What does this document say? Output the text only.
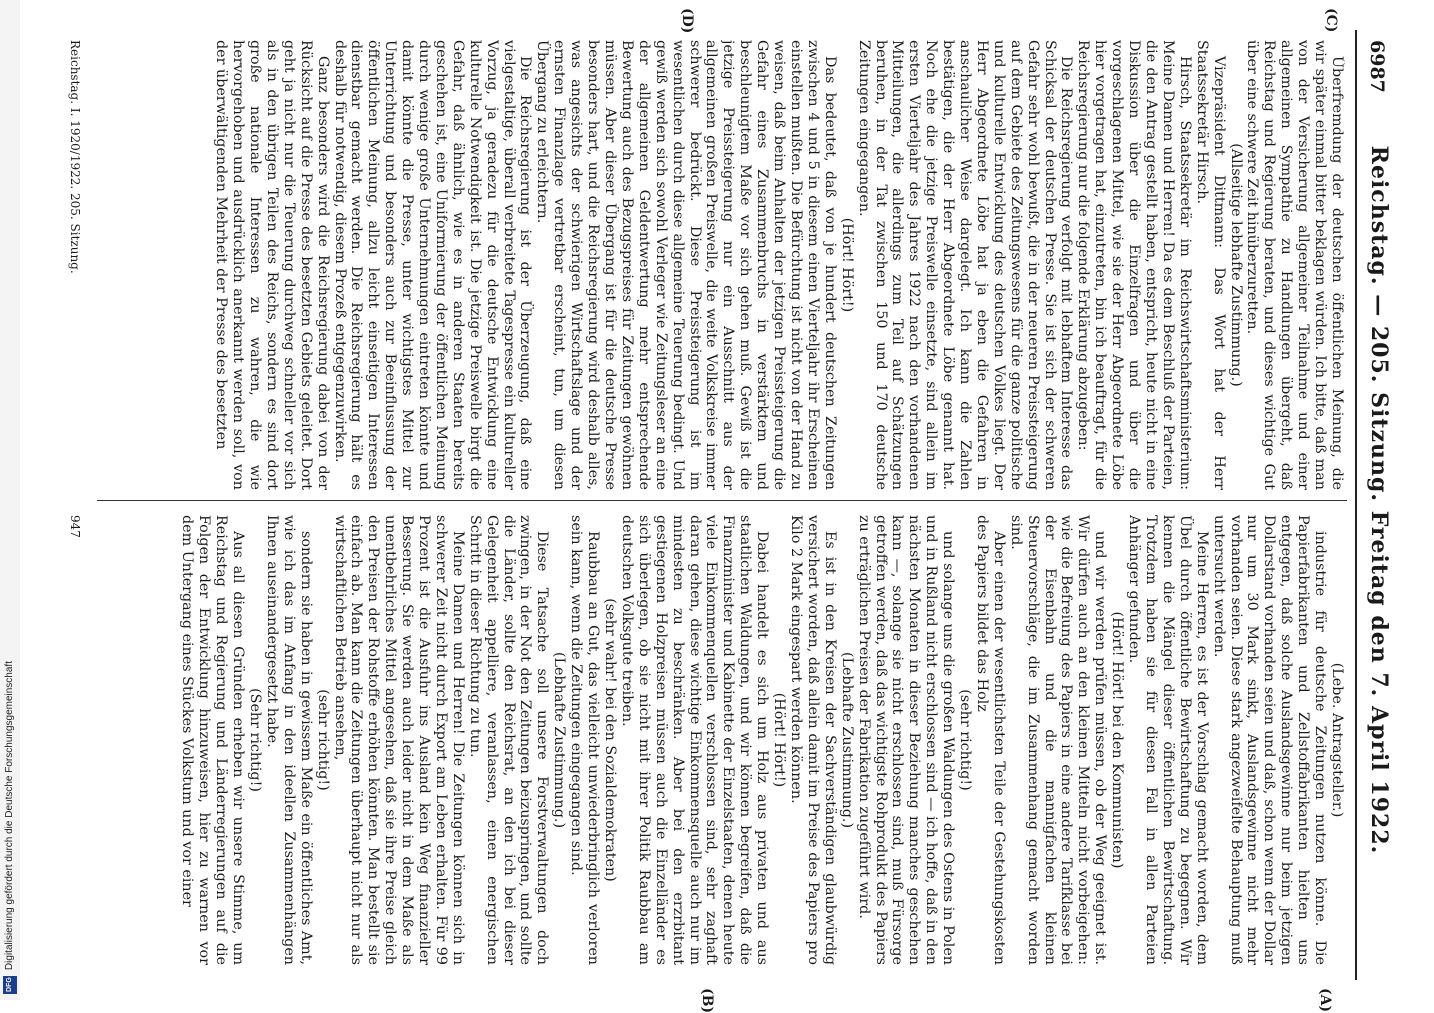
Digitalisierung gefördert durch die Deutsche Forschungsgemeinschaft
DFG
6987
Reichstag. — 205. Sitzung. Freitag den 7. April 1922.
(C)
(D)
(A)
(B)

Überfremdung der deutschen öffentlichen Meinung, die wir später einmal bitter beklagen würden. Ich bitte, daß man von der Versicherung allgemeiner Teilnahme und einer allgemeinen Sympathie zu Handlungen übergeht, daß Reichstag und Regierung beraten, und dieses wichtige Gut über eine schwere Zeit hinüberzuretten.

(Allseitige lebhafte Zustimmung.)

Vizepräsident Dittmann: Das Wort hat der Herr Staatssekretär Hirsch.

Hirsch, Staatssekretär im Reichswirtschaftsministerium: Meine Damen und Herren! Da es dem Beschluß der Parteien, die den Antrag gestellt haben, entspricht, heute nicht in eine Diskussion über die Einzelfragen und über die vorgeschlagenen Mittel, wie sie der Herr Abgeordnete Löbe hier vorgetragen hat, einzutreten, bin ich beauftragt, für die Reichsregierung nur die folgende Erklärung abzugeben:

Die Reichsregierung verfolgt mit lebhaftem Interesse das Schicksal der deutschen Presse. Sie ist sich der schweren Gefahr sehr wohl bewußt, die in der neueren Preissteigerung auf dem Gebiete des Zeitungswesens für die ganze politische und kulturelle Entwicklung des deutschen Volkes liegt. Der Herr Abgeordnete Löbe hat ja eben die Gefahren in anschaulicher Weise dargelegt. Ich kann die Zahlen bestätigen, die der Herr Abgeordnete Löbe genannt hat. Noch ehe die jetzige Preiswelle einsetzte, sind allein im ersten Vierteljahr des Jahres 1922 nach den vorhandenen Mitteilungen, die allerdings zum Teil auf Schätzungen beruhen, in der Tat zwischen 150 und 170 deutsche Zeitungen eingegangen.

(Hört! Hört!)

Das bedeutet, daß von je hundert deutschen Zeitungen zwischen 4 und 5 in diesem einen Vierteljahr ihr Erscheinen einstellen mußten. Die Befürchtung ist nicht von der Hand zu weisen, daß beim Anhalten der jetzigen Preissteigerung die Gefahr eines Zusammenbruchs in verstärktem und beschleunigtem Maße vor sich gehen muß. Gewiß ist die jetzige Preissteigerung nur ein Ausschnitt aus der allgemeinen großen Preiswelle, die weite Volkskreise immer schwerer bedrückt. Diese Preissteigerung ist im wesentlichen durch diese allgemeine Teuerung bedingt. Und gewiß werden sich sowohl Verleger wie Zeitungsleser an eine der allgemeinen Geldentwertung mehr entsprechende Bewertung auch des Bezugspreises für Zeitungen gewöhnen müssen. Aber dieser Übergang ist für die deutsche Presse besonders hart, und die Reichsregierung wird deshalb alles, was angesichts der schwierigen Wirtschaftslage und der ernsten Finanzlage vertretbar erscheint, tun, um diesen Übergang zu erleichtern.

Die Reichsregierung ist der Überzeugung, daß eine vielgestaltige, überall verbreitete Tagespresse ein kultureller Vorzug, ja geradezu für die deutsche Entwicklung eine kulturelle Notwendigkeit ist. Die jetzige Preiswelle birgt die Gefahr, daß ähnlich, wie es in anderen Staaten bereits geschehen ist, eine Uniformierung der öffentlichen Meinung durch wenige große Unternehmungen eintreten könnte und damit könnte die Presse, unter wichtigstes Mittel zur Unterrichtung und besonders auch zur Beeinflussung der öffentlichen Meinung, allzu leicht einseitigen Interessen dienstbar gemacht werden. Die Reichsregierung hält es deshalb für notwendig, diesem Prozeß entgegenzuwirken.

Ganz besonders wird die Reichsregierung dabei von der Rücksicht auf die Presse des besetzten Gebiets geleitet. Dort geht ja nicht nur die Teuerung durchweg schneller vor sich als in den übrigen Teilen des Reichs, sondern es sind dort große nationale Interessen zu wahren, die wie hervorgehoben und ausdrücklich anerkannt werden soll, von der überwältigenden Mehrheit der Presse des besetzten

(Lebe. Antragsteller.)

industrie für deutsche Zeitungen nutzen könne. Die Papierfabrikanten und Zellstoffabrikanten hielten uns entgegen, daß solche Auslandsgewinne nur beim jetzigen Dollarstand vorhanden seien und daß, schon wenn der Dollar nur um 30 Mark sinkt, Auslandsgewinne nicht mehr vorhanden seien. Diese stark angezweifelte Behauptung muß untersucht werden.

Meine Herren, es ist der Vorschlag gemacht worden, dem Übel durch öffentliche Bewirtschaftung zu begegnen. Wir kennen die Mängel dieser öffentlichen Bewirtschaftung. Trotzdem haben sie für diesen Fall in allen Parteien Anhänger gefunden.

(Hört! Hört! bei den Kommunisten)

und wir werden prüfen müssen, ob der Weg geeignet ist. Wir dürfen auch an den kleinen Mitteln nicht vorbeigehen: wie die Befreiung des Papiers in eine andere Tarifklasse bei der Eisenbahn und die mannigfachen kleinen Steuervorschläge, die im Zusammenhang gemacht worden sind.

Aber einen der wesentlichsten Teile der Gestehungskosten des Papiers bildet das Holz

(sehr richtig!)

und solange uns die großen Waldungen des Ostens in Polen und in Rußland nicht erschlossen sind — ich hoffe, daß in den nächsten Monaten in dieser Beziehung manches geschehen kann —, solange sie nicht erschlossen sind, muß Fürsorge getroffen werden, daß das wichtigste Rohprodukt des Papiers zu erträglichen Preisen der Fabrikation zugeführt wird.

(Lebhafte Zustimmung.)

Es ist in den Kreisen der Sachverständigen glaubwürdig versichert worden, daß allein damit im Preise des Papiers pro Kilo 2 Mark eingespart werden können.

(Hört! Hört!)

Dabei handelt es sich um Holz aus privaten und aus staatlichen Waldungen, und wir können begreifen, daß die Finanzminister und Kabinette der Einzelstaaten, denen heute viele Einkommenquellen verschlossen sind, sehr zaghaft daran gehen, diese wichtige Einkommensquelle auch nur im mindesten zu beschränken. Aber bei den erzrbitant gestiegenen Holzpreisen müssen auch die Einzelländer es sich überlegen, ob sie nicht mit ihrer Politik Raubbau am deutschen Volksgute treiben.

(sehr wahr! bei den Sozialdemokraten)

Raubbau an Gut, das vielleicht unwiederbringlich verloren sein kann, wenn die Zeitungen eingegangen sind.

(Lebhafte Zustimmung.)

Diese Tatsache soll unsere Forstverwaltungen doch zwingen, in der Not den Zeitungen beizuspringen, und sollte die Länder, sollte den Reichsrat, an den ich bei dieser Gelegenheit appelliere, veranlassen, einen energischen Schritt in dieser Richtung zu tun.

Meine Damen und Herren! Die Zeitungen können sich in schwerer Zeit nicht durch Export am Leben erhalten. Für 99 Prozent ist die Ausfuhr ins Ausland kein Weg finanzieller Besserung. Sie werden auch leider nicht in dem Maße als unentbehrliches Mittel angesehen, daß sie ihre Preise gleich den Preisen der Rohstoffe erhöhen könnten. Man bestellt sie einfach ab. Man kann die Zeitungen überhaupt nicht nur als wirtschaftlichen Betrieb ansehen,

(sehr richtig!)

sondern sie haben in gewissem Maße ein öffentliches Amt, wie ich das im Anfang in den ideellen Zusammenhängen Ihnen auseinandergesetzt habe.

(Sehr richtig!)

Aus all diesen Gründen erheben wir unsere Stimme, um Reichstag und Regierung und Länderregierungen auf die Folgen der Entwicklung hinzuweisen, hier zu warnen vor dem Untergang eines Stückes Volkstum und vor einer

947
Reichstag. I. 1920/1922. 205. Sitzung.
